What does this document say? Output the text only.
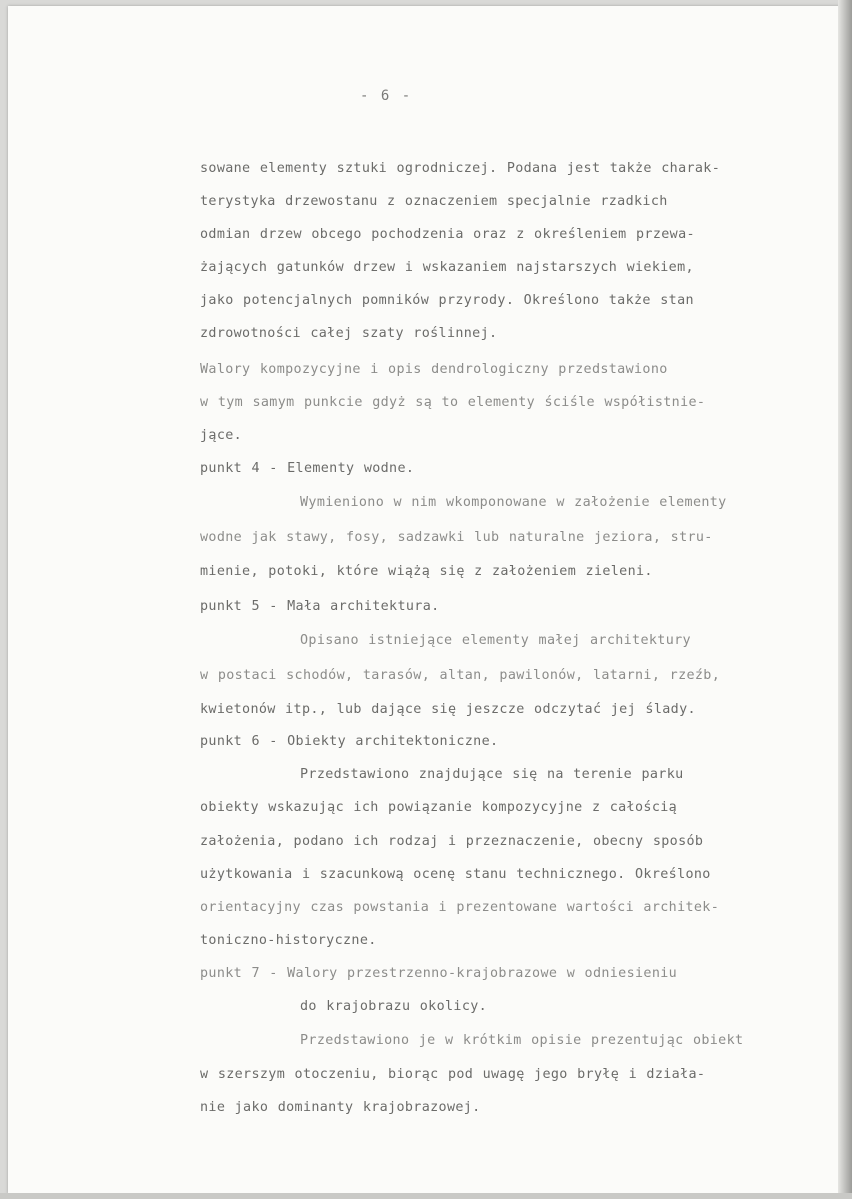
- 6 -
sowane elementy sztuki ogrodniczej. Podana jest także charak-
terystyka drzewostanu z oznaczeniem specjalnie rzadkich
odmian drzew obcego pochodzenia oraz z określeniem przewa-
żających gatunków drzew i wskazaniem najstarszych wiekiem,
jako potencjalnych pomników przyrody. Określono także stan
zdrowotności całej szaty roślinnej.
Walory kompozycyjne i opis dendrologiczny przedstawiono
w tym samym punkcie gdyż są to elementy ściśle współistnie-
jące.
punkt 4 - Elementy wodne.
Wymieniono w nim wkomponowane w założenie elementy
wodne jak stawy, fosy, sadzawki lub naturalne jeziora, stru-
mienie, potoki, które wiążą się z założeniem zieleni.
punkt 5 - Mała architektura.
Opisano istniejące elementy małej architektury
w postaci schodów, tarasów, altan, pawilonów, latarni, rzeźb,
kwietonów itp., lub dające się jeszcze odczytać jej ślady.
punkt 6 - Obiekty architektoniczne.
Przedstawiono znajdujące się na terenie parku
obiekty wskazując ich powiązanie kompozycyjne z całością
założenia, podano ich rodzaj i przeznaczenie, obecny sposób
użytkowania i szacunkową ocenę stanu technicznego. Określono
orientacyjny czas powstania i prezentowane wartości architek-
toniczno-historyczne.
punkt 7 - Walory przestrzenno-krajobrazowe w odniesieniu
do krajobrazu okolicy.
Przedstawiono je w krótkim opisie prezentując obiekt
w szerszym otoczeniu, biorąc pod uwagę jego bryłę i działa-
nie jako dominanty krajobrazowej.
